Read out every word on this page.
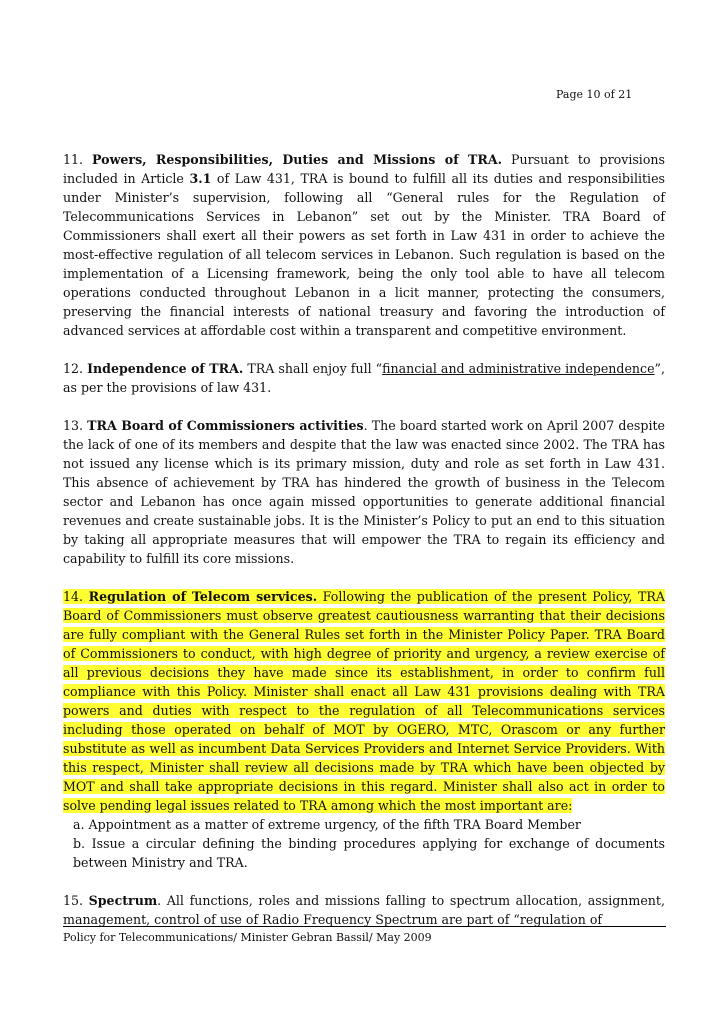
Page 10 of 21

11. Powers, Responsibilities, Duties and Missions of TRA. Pursuant to provisions included in Article 3.1 of Law 431, TRA is bound to fulfill all its duties and responsibilities under Minister’s supervision, following all “General rules for the Regulation of Telecommunications Services in Lebanon” set out by the Minister. TRA Board of Commissioners shall exert all their powers as set forth in Law 431 in order to achieve the most-effective regulation of all telecom services in Lebanon. Such regulation is based on the implementation of a Licensing framework, being the only tool able to have all telecom operations conducted throughout Lebanon in a licit manner, protecting the consumers, preserving the financial interests of national treasury and favoring the introduction of advanced services at affordable cost within a transparent and competitive environment.

12. Independence of TRA. TRA shall enjoy full “financial and administrative independence”, as per the provisions of law 431.

13. TRA Board of Commissioners activities. The board started work on April 2007 despite the lack of one of its members and despite that the law was enacted since 2002. The TRA has not issued any license which is its primary mission, duty and role as set forth in Law 431. This absence of achievement by TRA has hindered the growth of business in the Telecom sector and Lebanon has once again missed opportunities to generate additional financial revenues and create sustainable jobs. It is the Minister’s Policy to put an end to this situation by taking all appropriate measures that will empower the TRA to regain its efficiency and capability to fulfill its core missions.

14. Regulation of Telecom services. Following the publication of the present Policy, TRA Board of Commissioners must observe greatest cautiousness warranting that their decisions are fully compliant with the General Rules set forth in the Minister Policy Paper. TRA Board of Commissioners to conduct, with high degree of priority and urgency, a review exercise of all previous decisions they have made since its establishment, in order to confirm full compliance with this Policy. Minister shall enact all Law 431 provisions dealing with TRA powers and duties with respect to the regulation of all Telecommunications services including those operated on behalf of MOT by OGERO, MTC, Orascom or any further substitute as well as incumbent Data Services Providers and Internet Service Providers. With this respect, Minister shall review all decisions made by TRA which have been objected by MOT and shall take appropriate decisions in this regard. Minister shall also act in order to solve pending legal issues related to TRA among which the most important are:

a. Appointment as a matter of extreme urgency, of the fifth TRA Board Member

b. Issue a circular defining the binding procedures applying for exchange of documents between Ministry and TRA.

15. Spectrum. All functions, roles and missions falling to spectrum allocation, assignment, management, control of use of Radio Frequency Spectrum are part of “regulation of

Policy for Telecommunications/ Minister Gebran Bassil/ May 2009
